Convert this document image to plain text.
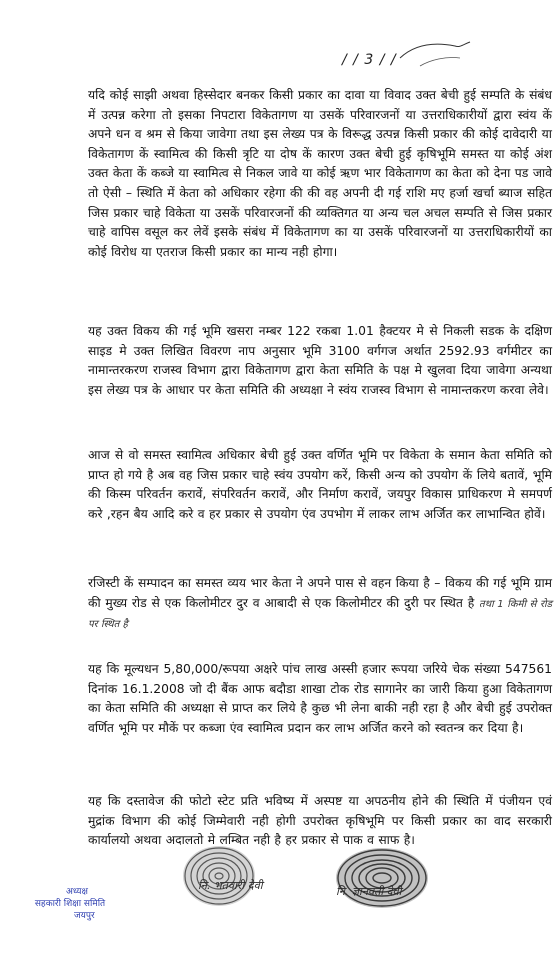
/ / 3 / /

यदि कोई साझी अथवा हिस्सेदार बनकर किसी प्रकार का दावा या विवाद उक्त बेची हुई सम्पति के संबंध में उत्पन्न करेगा तो इसका निपटारा विकेतागण या उसकें परिवारजनों या उत्तराधिकारीयों द्वारा स्वंय कें अपने धन व श्रम से किया जावेगा तथा इस लेख्य पत्र के विरूद्ध उत्पन्न किसी प्रकार की कोई दावेदारी या विकेतागण कें स्वामित्व की किसी त्रृटि या दोष कें कारण उक्त बेची हुई कृषिभूमि समस्त या कोई अंश उक्त केता कें कब्जे या स्वामित्व से निकल जावे या कोई ऋण भार विकेतागण का केता को देना पड जावे तो ऐसी – स्थिति में केता को अधिकार रहेगा की की वह अपनी दी गई राशि मए हर्जा खर्चा ब्याज सहित जिस प्रकार चाहे विकेता या उसकें परिवारजनों की व्यक्तिगत या अन्य चल अचल सम्पति से जिस प्रकार चाहे वापिस वसूल कर लेवें इसके संबंध में विकेतागण का या उसकें परिवारजनों या उत्तराधिकारीयों का कोई विरोध या एतराज किसी प्रकार का मान्य नही होगा।

यह उक्त विकय की गई भूमि खसरा नम्बर 122 रकबा 1.01 हैक्टयर मे से निकली सडक के दक्षिण साइड मे उक्त लिखित विवरण नाप अनुसार भूमि 3100 वर्गगज अर्थात 2592.93 वर्गमीटर का नामान्तरकरण राजस्व विभाग द्वारा विकेतागण द्वारा केता समिति के पक्ष मे खुलवा दिया जावेगा अन्यथा इस लेख्य पत्र के आधार पर केता समिति की अध्यक्षा ने स्वंय राजस्व विभाग से नामान्तकरण करवा लेवे।

आज से वो समस्त स्वामित्व अधिकार बेची हुई उक्त वर्णित भूमि पर विकेता के समान केता समिति को प्राप्त हो गये है अब वह जिस प्रकार चाहे स्वंय उपयोग करें, किसी अन्य को उपयोग कें लिये बतावें, भूमि की किस्म परिवर्तन करावें, संपरिवर्तन करावें, और निर्माण करावें, जयपुर विकास प्राधिकरण मे समपर्ण करे ,रहन बैय आदि करे व हर प्रकार से उपयोग एंव उपभोग में लाकर लाभ अर्जित कर लाभान्वित होवें।

रजिस्टी कें सम्पादन का समस्त व्यय भार केता ने अपने पास से वहन किया है – विकय की गई भूमि ग्राम की मुख्य रोड से एक किलोमीटर दुर व आबादी से एक किलोमीटर की दुरी पर स्थित है तथा 1 किमी से रोड पर स्थित है

यह कि मूल्यधन 5,80,000/रूपया अक्षरे पांच लाख अस्सी हजार रूपया जरिये चेक संख्या 547561 दिनांक 16.1.2008 जो दी बैंक आफ बदौडा शाखा टोक रोड सागानेर का जारी किया हुआ विकेतागण का केता समिति की अध्यक्षा से प्राप्त कर लिये है कुछ भी लेना बाकी नही रहा है और बेची हुई उपरोक्त वर्णित भूमि पर मौकें पर कब्जा एंव स्वामित्व प्रदान कर लाभ अर्जित करने को स्वतन्त्र कर दिया है।

यह कि दस्तावेज की फोटो स्टेट प्रति भविष्य में अस्पष्ट या अपठनीय होने की स्थिति में पंजीयन एवं मुद्रांक विभाग की कोई जिम्मेवारी नही होगी उपरोक्त कृषिभूमि पर किसी प्रकार का वाद सरकारी कार्यालयो अथवा अदालतो मे लम्बित नही है हर प्रकार से पाक व साफ है।

नि. भतवारी देवी	नि. ज्ञानवती देवी
अध्यक्ष
सहकारी शिक्षा समिति
जयपुर
